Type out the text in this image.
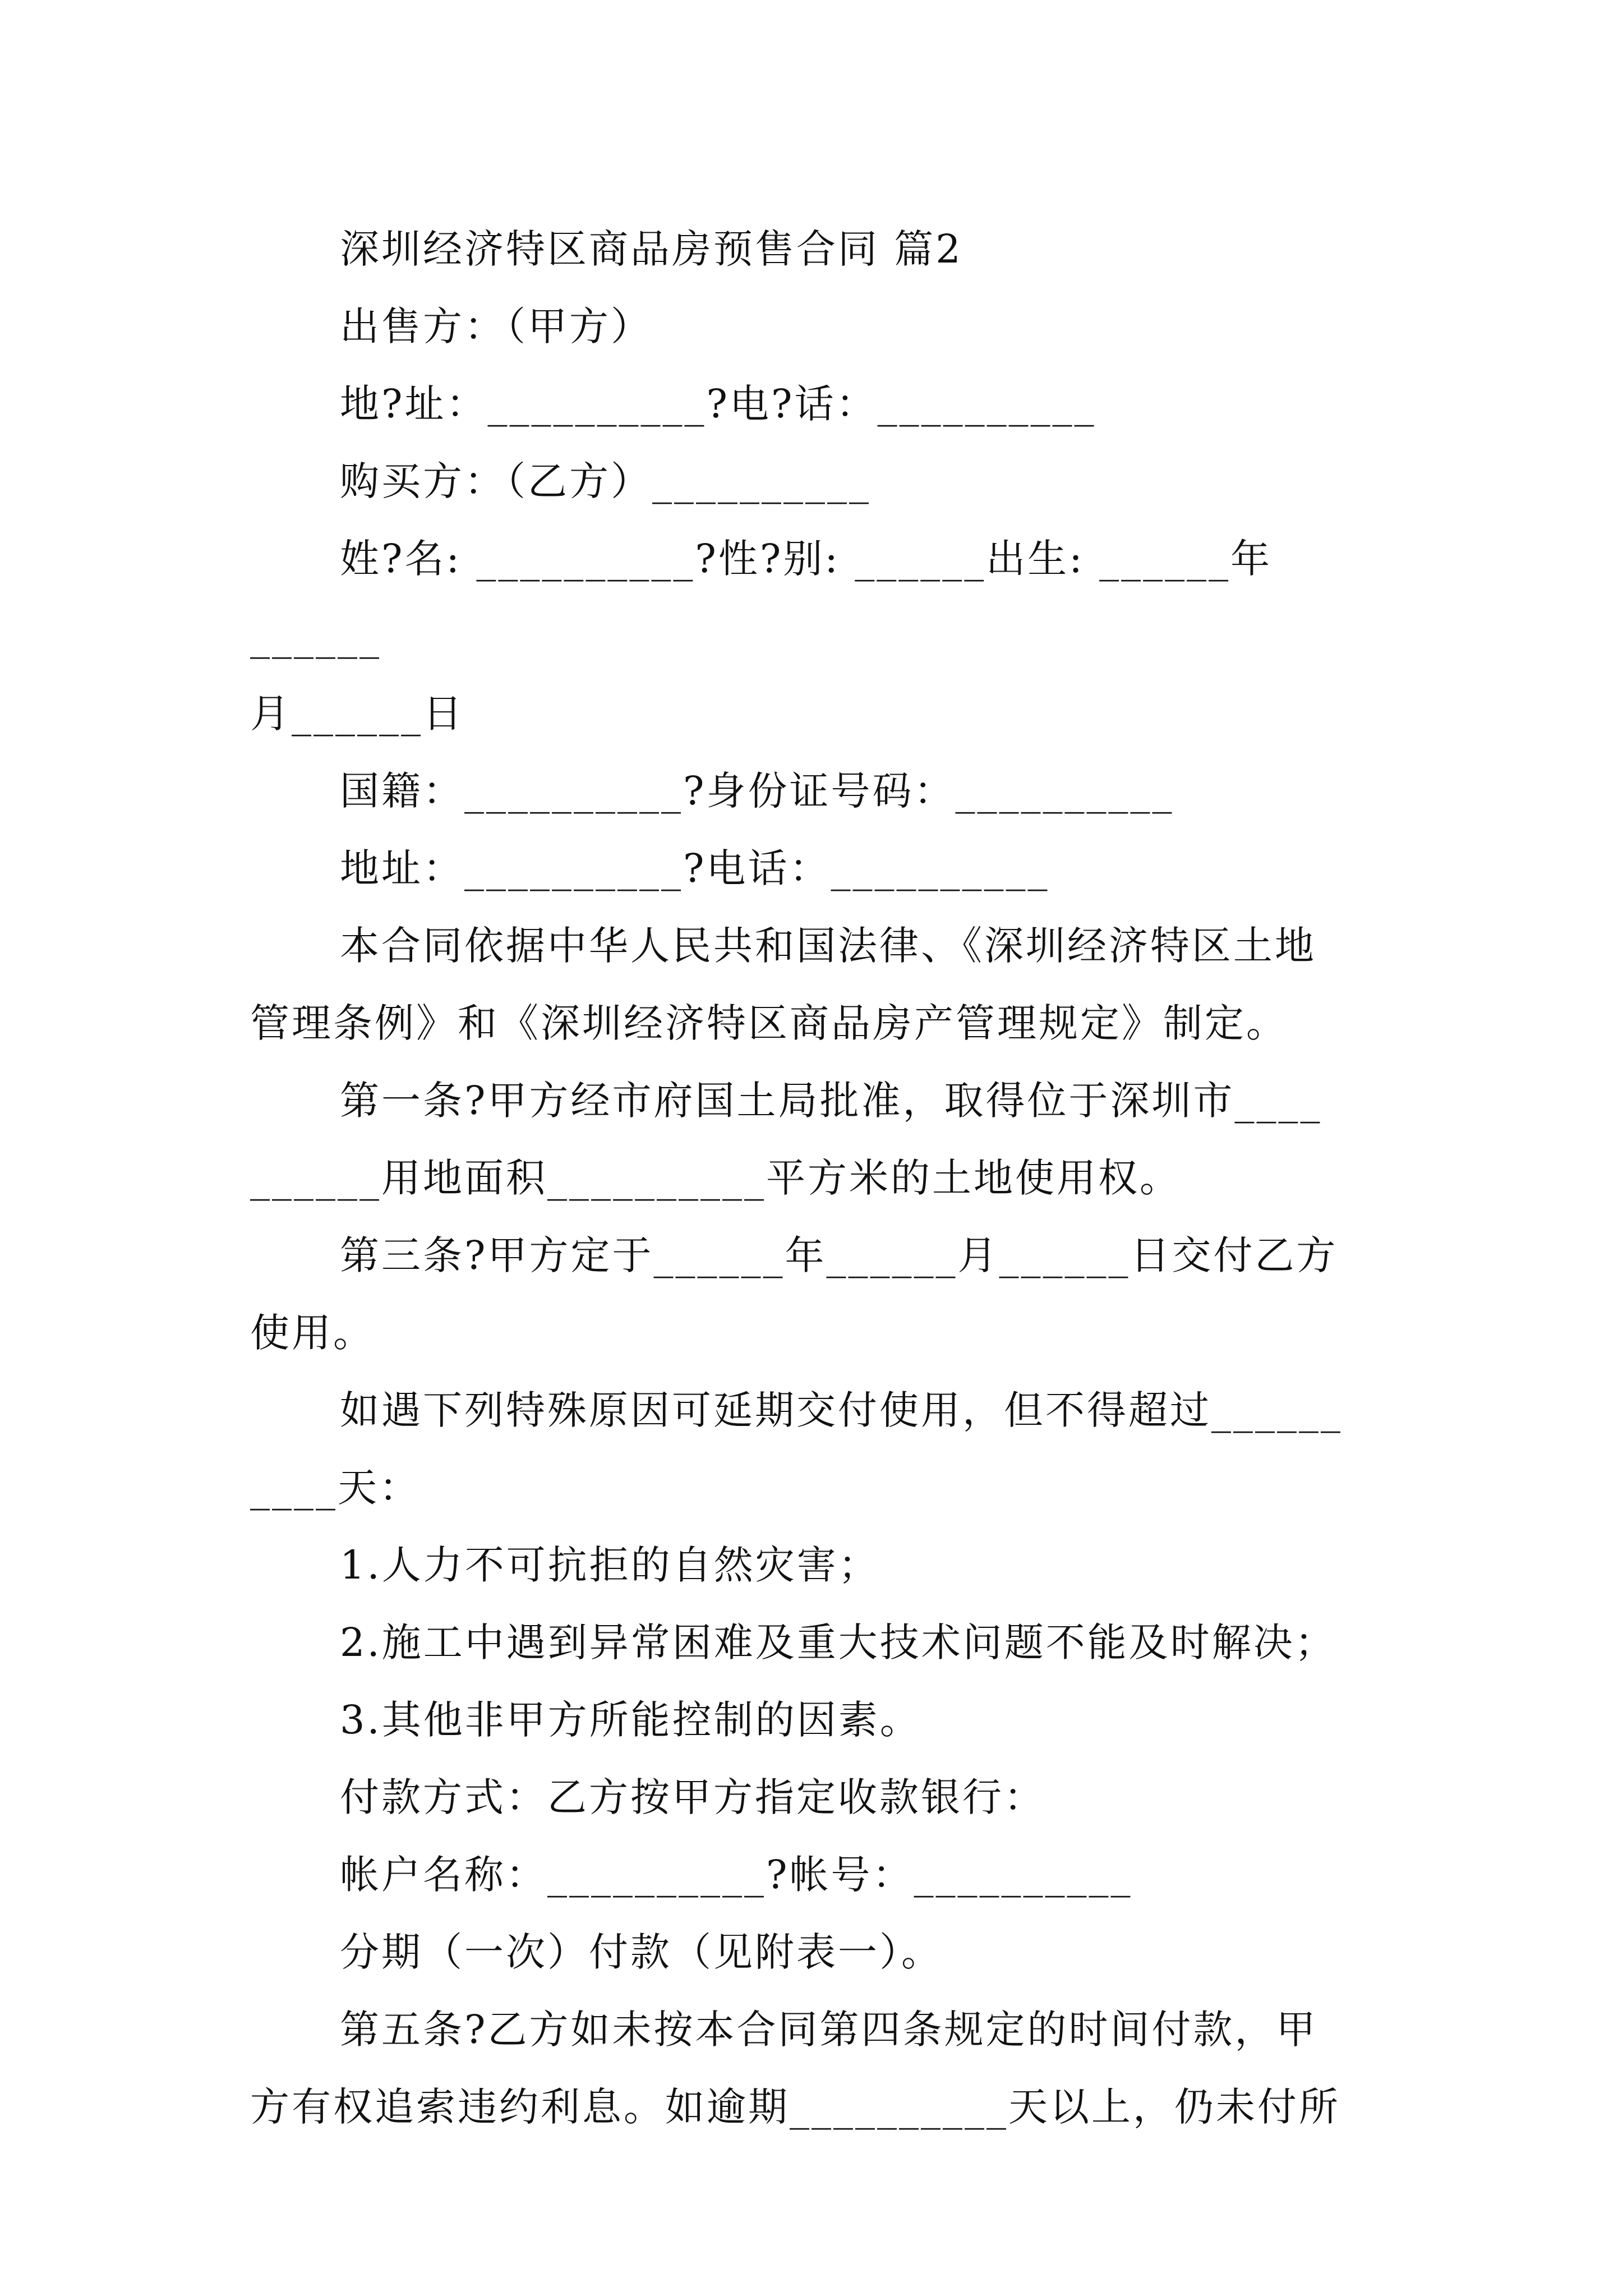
深圳经济特区商品房预售合同 篇2

出售方：（甲方）

地?址：__________?电?话：__________

购买方：（乙方）__________

姓?名: __________?性?别: ______出生: ______年______

月______日

国籍：__________?身份证号码：__________

地址：__________?电话：__________

本合同依据中华人民共和国法律、《深圳经济特区土地

管理条例》和《深圳经济特区商品房产管理规定》制定。

第一条?甲方经市府国土局批准，取得位于深圳市____

______用地面积__________平方米的土地使用权。

第三条?甲方定于______年______月______日交付乙方

使用。

如遇下列特殊原因可延期交付使用，但不得超过______

____天：

1.人力不可抗拒的自然灾害；

2.施工中遇到异常困难及重大技术问题不能及时解决；

3.其他非甲方所能控制的因素。

付款方式：乙方按甲方指定收款银行：

帐户名称：__________?帐号：__________

分期（一次）付款（见附表一）。

第五条?乙方如未按本合同第四条规定的时间付款，甲

方有权追索违约利息。如逾期__________天以上，仍未付所
